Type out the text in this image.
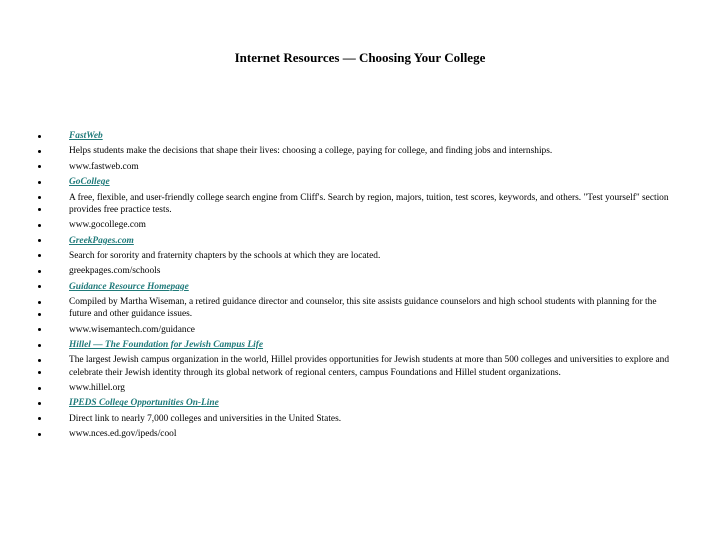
Internet Resources — Choosing Your College
FastWeb
Helps students make the decisions that shape their lives: choosing a college, paying for college, and finding jobs and internships.
www.fastweb.com
GoCollege
A free, flexible, and user-friendly college search engine from Cliff's. Search by region, majors, tuition, test scores, keywords, and others. "Test yourself" section provides free practice tests.
www.gocollege.com
GreekPages.com
Search for sorority and fraternity chapters by the schools at which they are located.
greekpages.com/schools
Guidance Resource Homepage
Compiled by Martha Wiseman, a retired guidance director and counselor, this site assists guidance counselors and high school students with planning for the future and other guidance issues.
www.wisemantech.com/guidance
Hillel — The Foundation for Jewish Campus Life
The largest Jewish campus organization in the world, Hillel provides opportunities for Jewish students at more than 500 colleges and universities to explore and celebrate their Jewish identity through its global network of regional centers, campus Foundations and Hillel student organizations.
www.hillel.org
IPEDS College Opportunities On-Line
Direct link to nearly 7,000 colleges and universities in the United States.
www.nces.ed.gov/ipeds/cool
